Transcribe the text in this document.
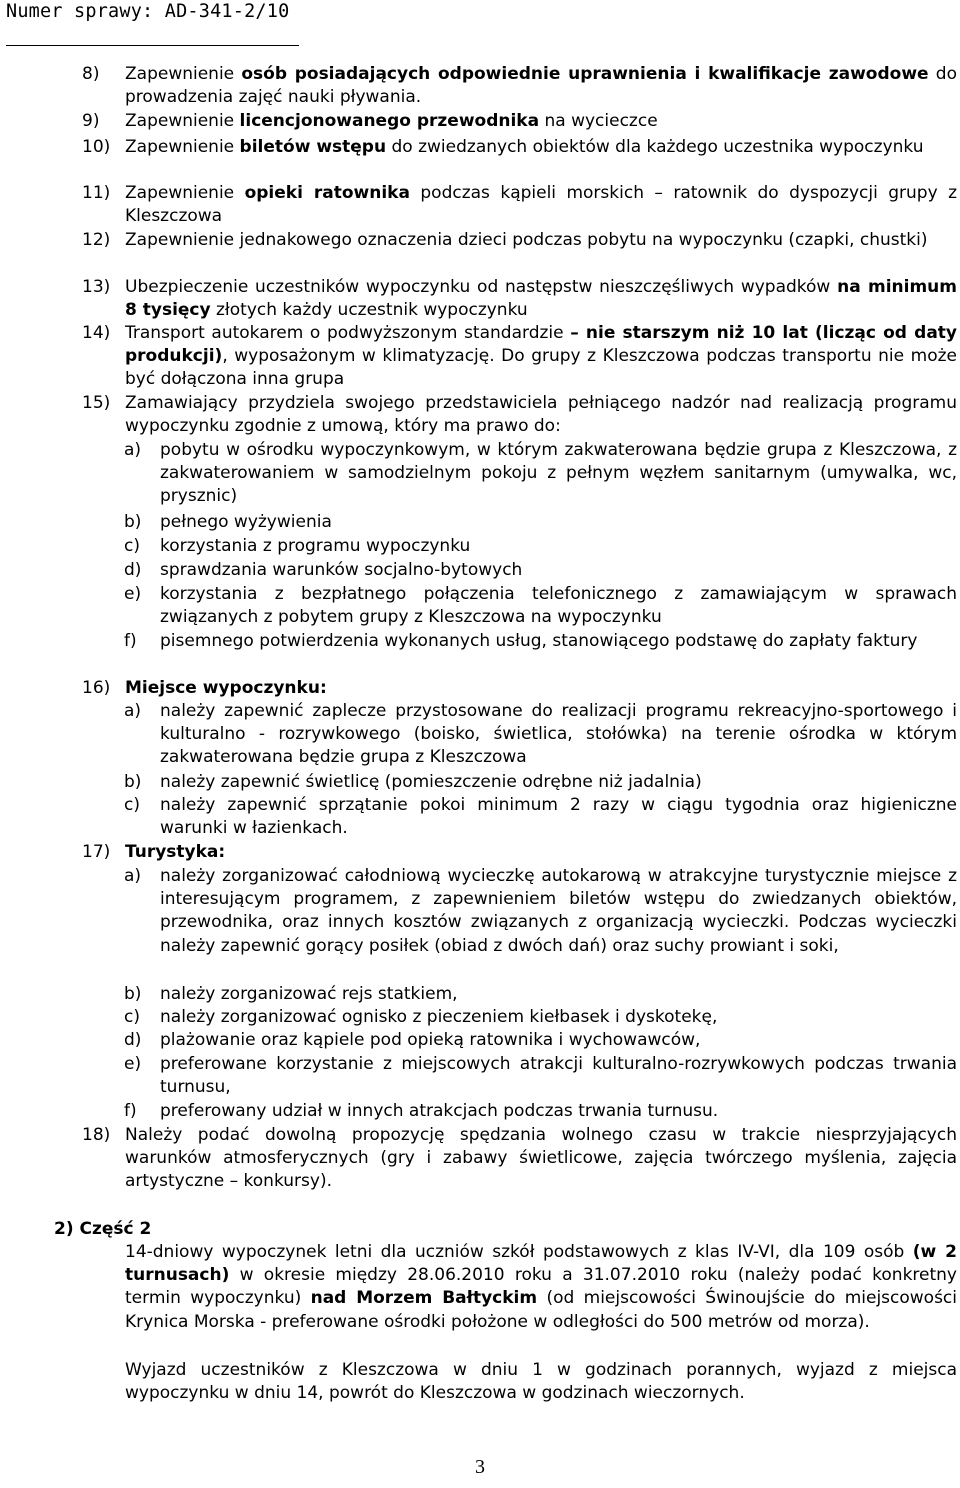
Numer sprawy: AD-341-2/10
8) Zapewnienie osób posiadających odpowiednie uprawnienia i kwalifikacje zawodowe do prowadzenia zajęć nauki pływania.
9) Zapewnienie licencjonowanego przewodnika na wycieczce
10) Zapewnienie biletów wstępu do zwiedzanych obiektów dla każdego uczestnika wypoczynku
11) Zapewnienie opieki ratownika podczas kąpieli morskich – ratownik do dyspozycji grupy z Kleszczowa
12) Zapewnienie jednakowego oznaczenia dzieci podczas pobytu na wypoczynku (czapki, chustki)
13) Ubezpieczenie uczestników wypoczynku od następstw nieszczęśliwych wypadków na minimum 8 tysięcy złotych każdy uczestnik wypoczynku
14) Transport autokarem o podwyższonym standardzie – nie starszym niż 10 lat (licząc od daty produkcji), wyposażonym w klimatyzację. Do grupy z Kleszczowa podczas transportu nie może być dołączona inna grupa
15) Zamawiający przydziela swojego przedstawiciela pełniącego nadzór nad realizacją programu wypoczynku zgodnie z umową, który ma prawo do:
a) pobytu w ośrodku wypoczynkowym, w którym zakwaterowana będzie grupa z Kleszczowa, z zakwaterowaniem w samodzielnym pokoju z pełnym węzłem sanitarnym (umywalka, wc, prysznic)
b) pełnego wyżywienia
c) korzystania z programu wypoczynku
d) sprawdzania warunków socjalno-bytowych
e) korzystania z bezpłatnego połączenia telefonicznego z zamawiającym w sprawach związanych z pobytem grupy z Kleszczowa na wypoczynku
f) pisemnego potwierdzenia wykonanych usług, stanowiącego podstawę do zapłaty faktury
16) Miejsce wypoczynku:
a) należy zapewnić zaplecze przystosowane do realizacji programu rekreacyjno-sportowego i kulturalno - rozrywkowego (boisko, świetlica, stołówka) na terenie ośrodka w którym zakwaterowana będzie grupa z Kleszczowa
b) należy zapewnić świetlicę (pomieszczenie odrębne niż jadalnia)
c) należy zapewnić sprzątanie pokoi minimum 2 razy w ciągu tygodnia oraz higieniczne warunki w łazienkach.
17) Turystyka:
a) należy zorganizować całodniową wycieczkę autokarową w atrakcyjne turystycznie miejsce z interesującym programem, z zapewnieniem biletów wstępu do zwiedzanych obiektów, przewodnika, oraz innych kosztów związanych z organizacją wycieczki. Podczas wycieczki należy zapewnić gorący posiłek (obiad z dwóch dań) oraz suchy prowiant i soki,
b) należy zorganizować rejs statkiem,
c) należy zorganizować ognisko z pieczeniem kiełbasek i dyskotekę,
d) plażowanie oraz kąpiele pod opieką ratownika i wychowawców,
e) preferowane korzystanie z miejscowych atrakcji kulturalno-rozrywkowych podczas trwania turnusu,
f) preferowany udział w innych atrakcjach podczas trwania turnusu.
18) Należy podać dowolną propozycję spędzania wolnego czasu w trakcie niesprzyjających warunków atmosferycznych (gry i zabawy świetlicowe, zajęcia twórczego myślenia, zajęcia artystyczne – konkursy).
2) Część 2
14-dniowy wypoczynek letni dla uczniów szkół podstawowych z klas IV-VI, dla 109 osób (w 2 turnusach) w okresie między 28.06.2010 roku a 31.07.2010 roku (należy podać konkretny termin wypoczynku) nad Morzem Bałtyckim (od miejscowości Świnoujście do miejscowości Krynica Morska - preferowane ośrodki położone w odległości do 500 metrów od morza).
Wyjazd uczestników z Kleszczowa w dniu 1 w godzinach porannych, wyjazd z miejsca wypoczynku w dniu 14, powrót do Kleszczowa w godzinach wieczornych.
3
